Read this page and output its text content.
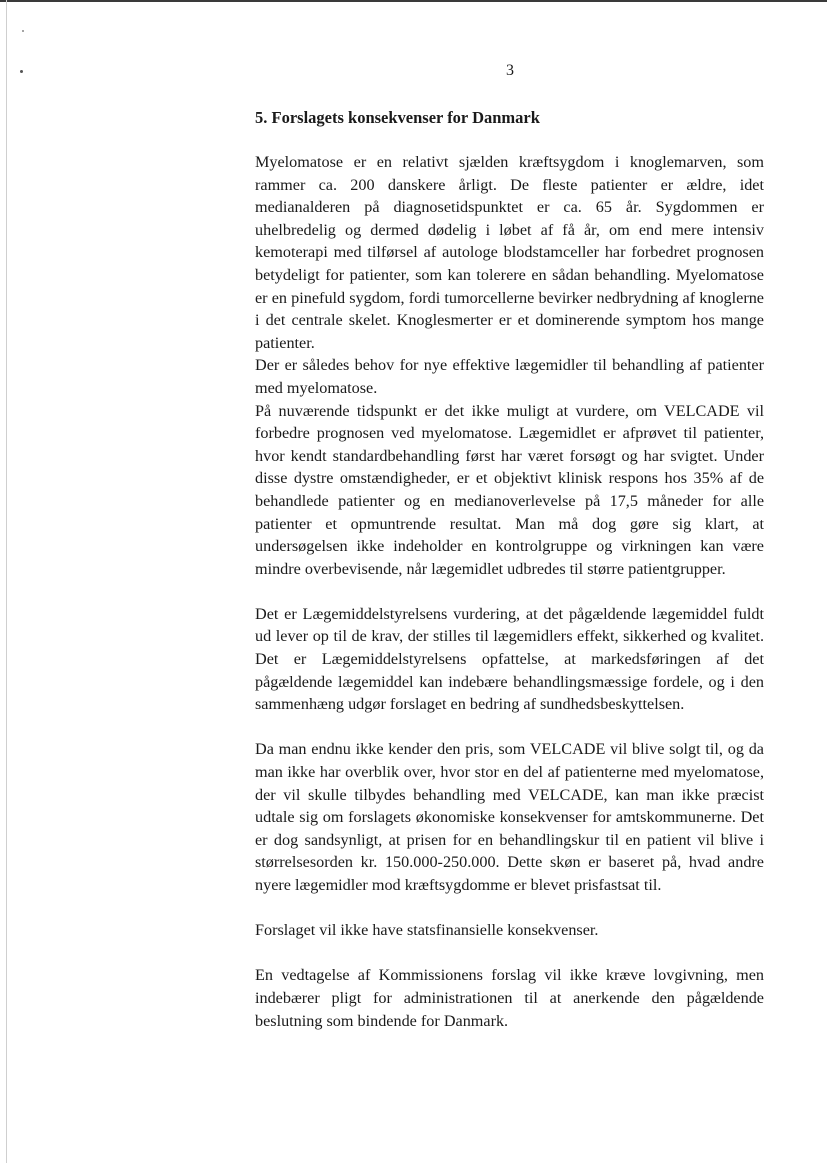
3

5. Forslagets konsekvenser for Danmark

Myelomatose er en relativt sjælden kræftsygdom i knoglemarven, som rammer ca. 200 danskere årligt. De fleste patienter er ældre, idet medianalderen på diagnosetidspunktet er ca. 65 år. Sygdommen er uhelbredelig og dermed dødelig i løbet af få år, om end mere intensiv kemoterapi med tilførsel af autologe blodstamceller har forbedret prognosen betydeligt for patienter, som kan tolerere en sådan behandling. Myelomatose er en pinefuld sygdom, fordi tumorcellerne bevirker nedbrydning af knoglerne i det centrale skelet. Knoglesmerter er et dominerende symptom hos mange patienter.

Der er således behov for nye effektive lægemidler til behandling af patienter med myelomatose.

På nuværende tidspunkt er det ikke muligt at vurdere, om VELCADE vil forbedre prognosen ved myelomatose. Lægemidlet er afprøvet til patienter, hvor kendt standardbehandling først har været forsøgt og har svigtet. Under disse dystre omstændigheder, er et objektivt klinisk respons hos 35% af de behandlede patienter og en medianoverlevelse på 17,5 måneder for alle patienter et opmuntrende resultat. Man må dog gøre sig klart, at undersøgelsen ikke indeholder en kontrolgruppe og virkningen kan være mindre overbevisende, når lægemidlet udbredes til større patientgrupper.

Det er Lægemiddelstyrelsens vurdering, at det pågældende lægemiddel fuldt ud lever op til de krav, der stilles til lægemidlers effekt, sikkerhed og kvalitet. Det er Lægemiddelstyrelsens opfattelse, at markedsføringen af det pågældende lægemiddel kan indebære behandlingsmæssige fordele, og i den sammenhæng udgør forslaget en bedring af sundhedsbeskyttelsen.

Da man endnu ikke kender den pris, som VELCADE vil blive solgt til, og da man ikke har overblik over, hvor stor en del af patienterne med myelomatose, der vil skulle tilbydes behandling med VELCADE, kan man ikke præcist udtale sig om forslagets økonomiske konsekvenser for amtskommunerne. Det er dog sandsynligt, at prisen for en behandlingskur til en patient vil blive i størrelsesorden kr. 150.000-250.000. Dette skøn er baseret på, hvad andre nyere lægemidler mod kræftsygdomme er blevet prisfastsat til.

Forslaget vil ikke have statsfinansielle konsekvenser.

En vedtagelse af Kommissionens forslag vil ikke kræve lovgivning, men indebærer pligt for administrationen til at anerkende den pågældende beslutning som bindende for Danmark.
